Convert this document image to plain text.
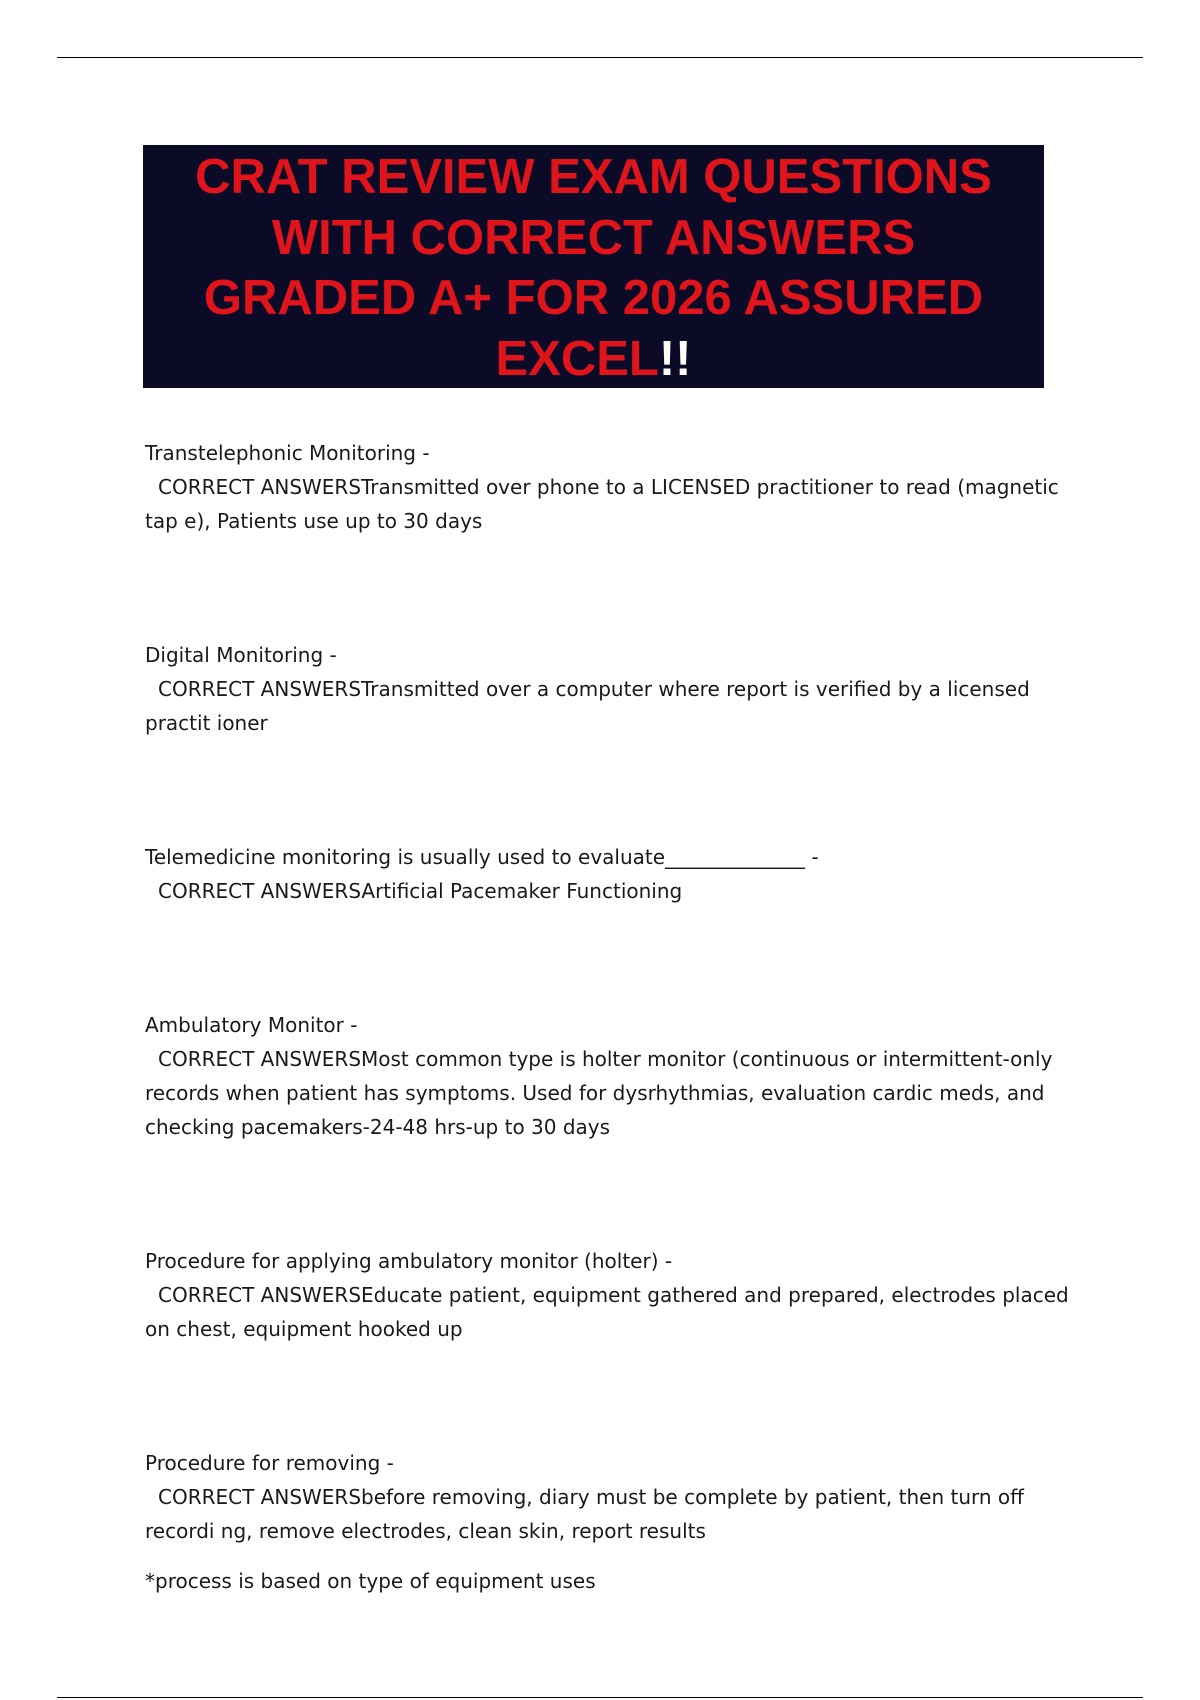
CRAT REVIEW EXAM QUESTIONS
WITH CORRECT ANSWERS
GRADED A+ FOR 2026 ASSURED
EXCEL!!
Transtelephonic Monitoring -
CORRECT ANSWERSTransmitted over phone to a LICENSED practitioner to read (magnetic tap e), Patients use up to 30 days
Digital Monitoring -
CORRECT ANSWERSTransmitted over a computer where report is verified by a licensed practit ioner
Telemedicine monitoring is usually used to evaluate______________ -
CORRECT ANSWERSArtificial Pacemaker Functioning
Ambulatory Monitor -
CORRECT ANSWERSMost common type is holter monitor (continuous or intermittent-only records when patient has symptoms. Used for dysrhythmias, evaluation cardic meds, and checking pacemakers-24-48 hrs-up to 30 days
Procedure for applying ambulatory monitor (holter) -
CORRECT ANSWERSEducate patient, equipment gathered and prepared, electrodes placed on chest, equipment hooked up
Procedure for removing -
CORRECT ANSWERSbefore removing, diary must be complete by patient, then turn off recordi ng, remove electrodes, clean skin, report results
*process is based on type of equipment uses
